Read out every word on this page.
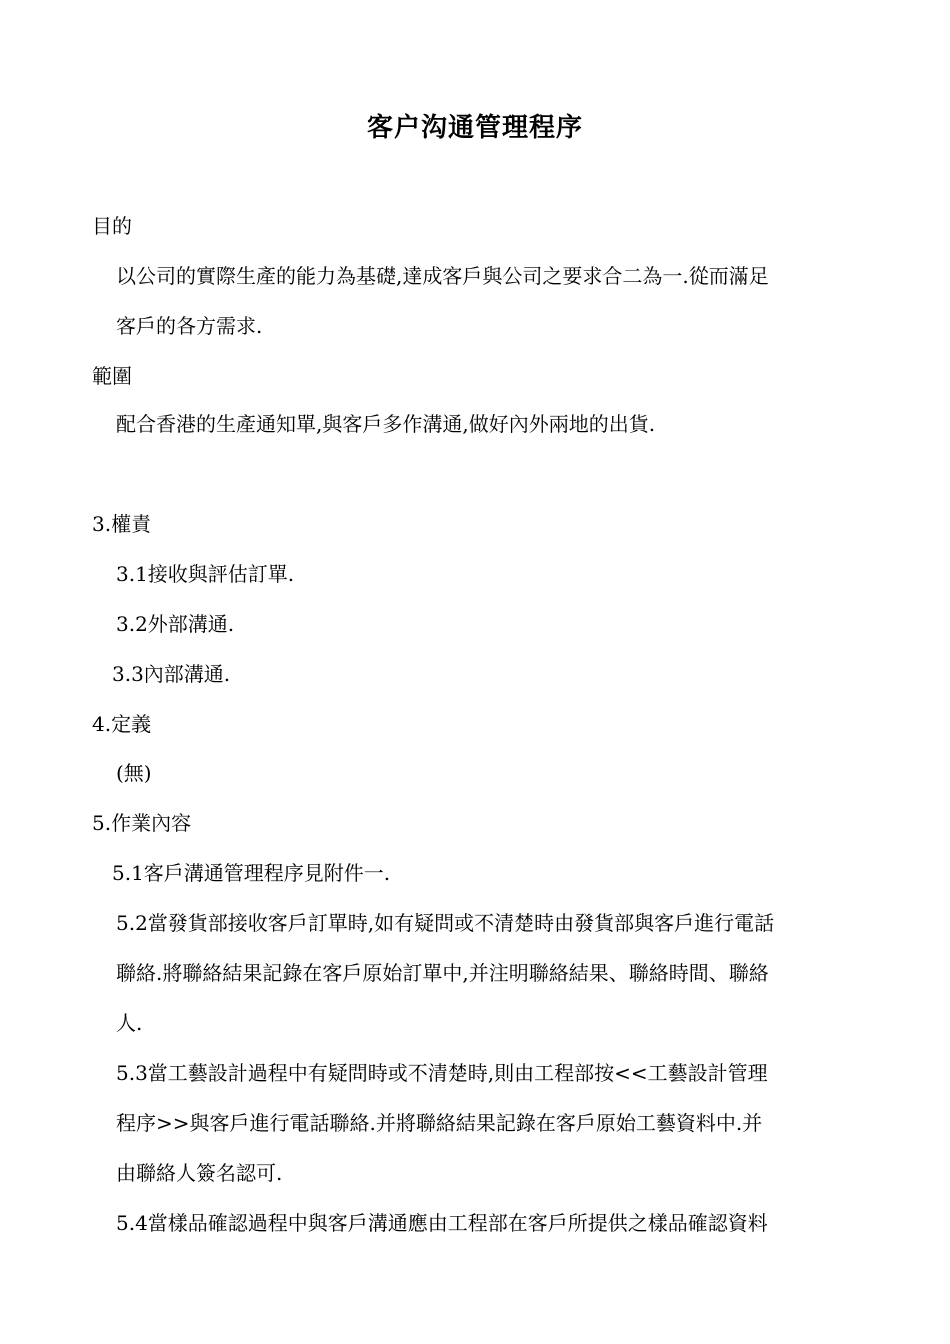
客户沟通管理程序
目的
以公司的實際生產的能力為基礎,達成客戶與公司之要求合二為一.從而滿足
客戶的各方需求.
範圍
配合香港的生產通知單,與客戶多作溝通,做好內外兩地的出貨.
3.權責
3.1接收與評估訂單.
3.2外部溝通.
3.3內部溝通.
4.定義
(無)
5.作業內容
5.1客戶溝通管理程序見附件一.
5.2當發貨部接收客戶訂單時,如有疑問或不清楚時由發貨部與客戶進行電話
聯絡.將聯絡結果記錄在客戶原始訂單中,并注明聯絡結果、聯絡時間、聯絡
人.
5.3當工藝設計過程中有疑問時或不清楚時,則由工程部按<<工藝設計管理
程序>>與客戶進行電話聯絡.并將聯絡結果記錄在客戶原始工藝資料中.并
由聯絡人簽名認可.
5.4當樣品確認過程中與客戶溝通應由工程部在客戶所提供之樣品確認資料
